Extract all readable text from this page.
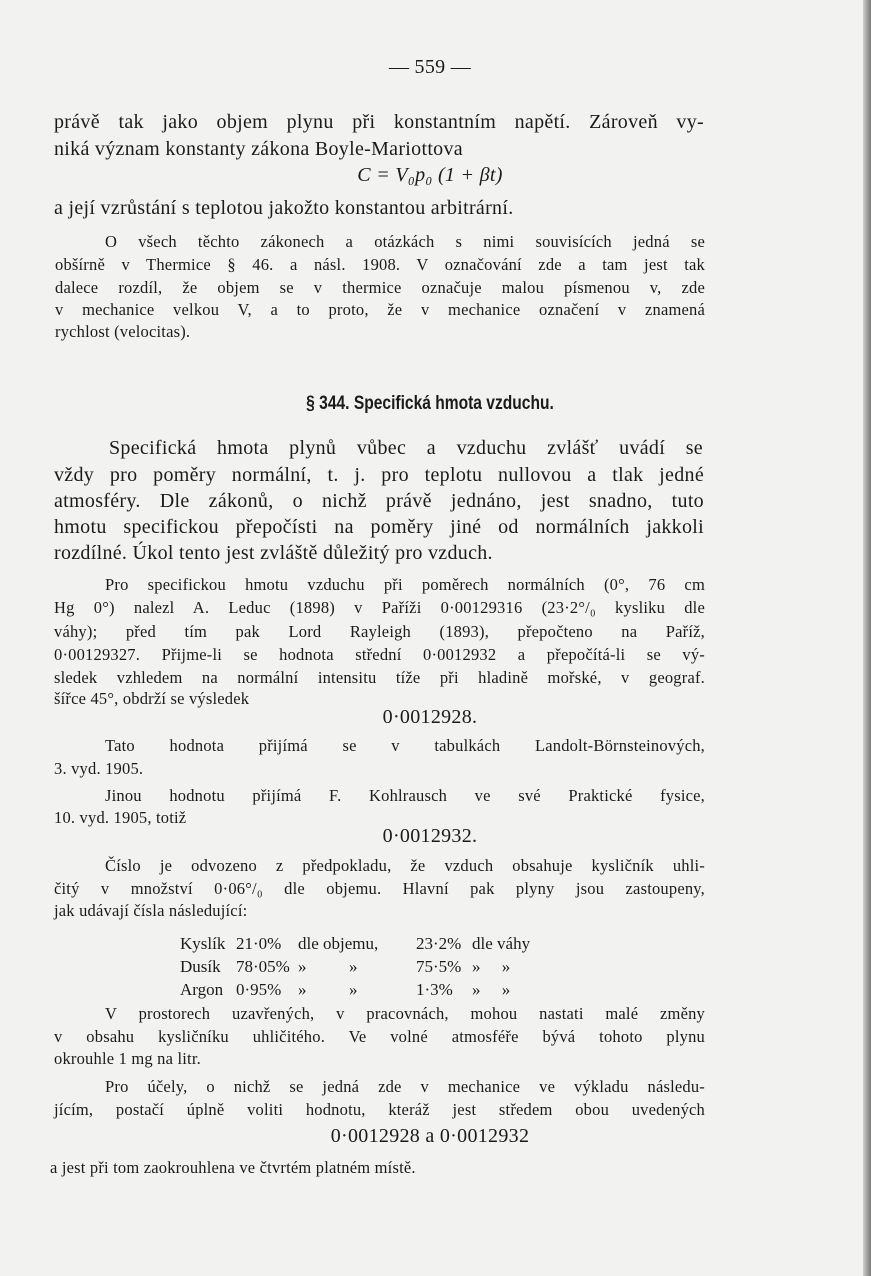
— 559 —
právě tak jako objem plynu při konstantním napětí. Zároveň vy-
niká význam konstanty zákona Boyle-Mariottova
C = V₀p₀ (1 + βt)
a její vzrůstání s teplotou jakožto konstantou arbitrární.
O všech těchto zákonech a otázkách s nimi souvisících jedná se
obšírně v Thermice § 46. a násl. 1908. V označování zde a tam jest tak
dalece rozdíl, že objem se v thermice označuje malou písmenou v, zde
v mechanice velkou V, a to proto, že v mechanice označení v znamená
rychlost (velocitas).
§ 344. Specifická hmota vzduchu.
Specifická hmota plynů vůbec a vzduchu zvlášť uvádí se
vždy pro poměry normální, t. j. pro teplotu nullovou a tlak jedné
atmosféry. Dle zákonů, o nichž právě jednáno, jest snadno, tuto
hmotu specifickou přepočísti na poměry jiné od normálních jakkoli
rozdílné. Úkol tento jest zvláště důležitý pro vzduch.
Pro specifickou hmotu vzduchu při poměrech normálních (0°, 76 cm
Hg 0°) nalezl A. Leduc (1898) v Paříži 0·00129316 (23·2°/₀ kysliku dle
váhy); před tím pak Lord Rayleigh (1893), přepočteno na Paříž,
0·00129327. Přijme-li se hodnota střední 0·0012932 a přepočítá-li se vý-
sledek vzhledem na normální intensitu tíže při hladině mořské, v geograf.
šířce 45°, obdrží se výsledek
0·0012928.
Tato hodnota přijímá se v tabulkách Landolt-Börnsteinových,
3. vyd. 1905.
Jinou hodnotu přijímá F. Kohlrausch ve své Praktické fysice,
10. vyd. 1905, totiž
0·0012932.
Číslo je odvozeno z předpokladu, že vzduch obsahuje kysličník uhli-
čitý v množství 0·06°/₀ dle objemu. Hlavní pak plyny jsou zastoupeny,
jak udávají čísla následující:
Kyslík	21·0%	dle objemu,	23·2%	dle váhy
Dusík	78·05%	»          »	75·5%	»     »
Argon	0·95%	»          »	1·3%	»     »
V prostorech uzavřených, v pracovnách, mohou nastati malé změny
v obsahu kysličníku uhličitého. Ve volné atmosféře bývá tohoto plynu
okrouhle 1 mg na litr.
Pro účely, o nichž se jedná zde v mechanice ve výkladu následu-
jícím, postačí úplně voliti hodnotu, kteráž jest středem obou uvedených
0·0012928 a 0·0012932
a jest při tom zaokrouhlena ve čtvrtém platném místě.
